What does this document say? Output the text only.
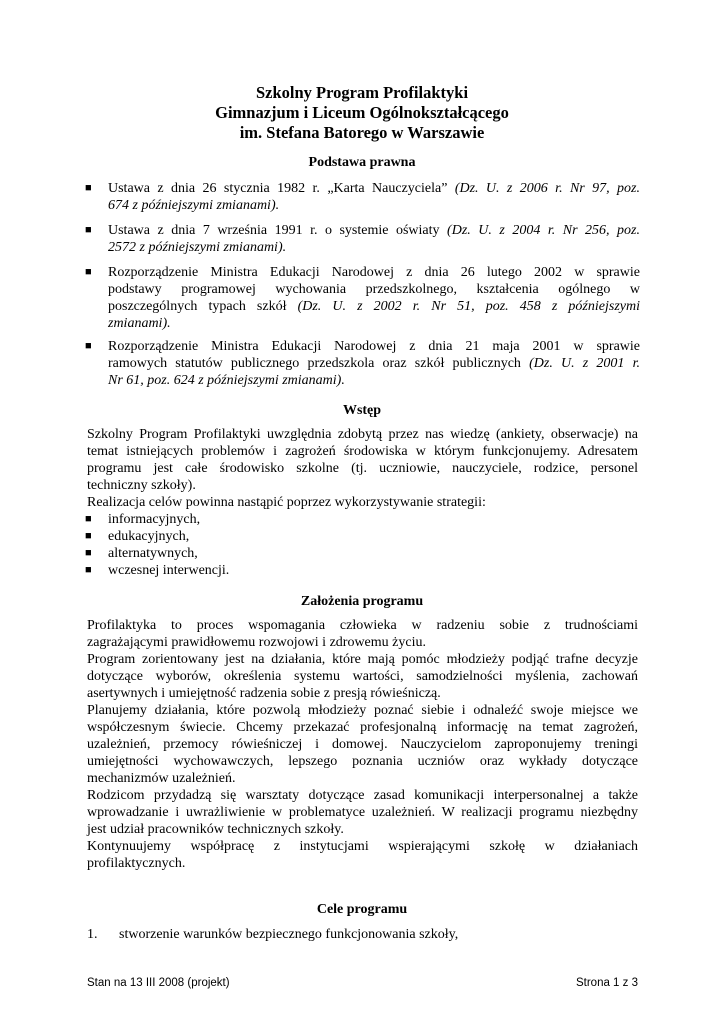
Szkolny Program Profilaktyki
Gimnazjum i Liceum Ogólnokształcącego
im. Stefana Batorego w Warszawie
Podstawa prawna
■ Ustawa z dnia 26 stycznia 1982 r. „Karta Nauczyciela” (Dz. U. z 2006 r. Nr 97, poz.
674 z późniejszymi zmianami).
■ Ustawa z dnia 7 września 1991 r. o systemie oświaty (Dz. U. z 2004 r. Nr 256, poz.
2572 z późniejszymi zmianami).
■ Rozporządzenie Ministra Edukacji Narodowej z dnia 26 lutego 2002 w sprawie
podstawy programowej wychowania przedszkolnego, kształcenia ogólnego w
poszczególnych typach szkół (Dz. U. z 2002 r. Nr 51, poz. 458 z późniejszymi
zmianami).
■ Rozporządzenie Ministra Edukacji Narodowej z dnia 21 maja 2001 w sprawie
ramowych statutów publicznego przedszkola oraz szkół publicznych (Dz. U. z 2001 r.
Nr 61, poz. 624 z późniejszymi zmianami).
Wstęp
Szkolny Program Profilaktyki uwzględnia zdobytą przez nas wiedzę (ankiety, obserwacje) na
temat istniejących problemów i zagrożeń środowiska w którym funkcjonujemy. Adresatem
programu jest całe środowisko szkolne (tj. uczniowie, nauczyciele, rodzice, personel
techniczny szkoły).
Realizacja celów powinna nastąpić poprzez wykorzystywanie strategii:
■ informacyjnych,
■ edukacyjnych,
■ alternatywnych,
■ wczesnej interwencji.
Założenia programu
Profilaktyka to proces wspomagania człowieka w radzeniu sobie z trudnościami
zagrażającymi prawidłowemu rozwojowi i zdrowemu życiu.
Program zorientowany jest na działania, które mają pomóc młodzieży podjąć trafne decyzje
dotyczące wyborów, określenia systemu wartości, samodzielności myślenia, zachowań
asertywnych i umiejętność radzenia sobie z presją rówieśniczą.
Planujemy działania, które pozwolą młodzieży poznać siebie i odnaleźć swoje miejsce we
współczesnym świecie. Chcemy przekazać profesjonalną informację na temat zagrożeń,
uzależnień, przemocy rówieśniczej i domowej. Nauczycielom zaproponujemy treningi
umiejętności wychowawczych, lepszego poznania uczniów oraz wykłady dotyczące
mechanizmów uzależnień.
Rodzicom przydadzą się warsztaty dotyczące zasad komunikacji interpersonalnej a także
wprowadzanie i uwrażliwienie w problematyce uzależnień. W realizacji programu niezbędny
jest udział pracowników technicznych szkoły.
Kontynuujemy współpracę z instytucjami wspierającymi szkołę w działaniach
profilaktycznych.
Cele programu
1. stworzenie warunków bezpiecznego funkcjonowania szkoły,
Stan na 13 III 2008 (projekt)	Strona 1 z 3
